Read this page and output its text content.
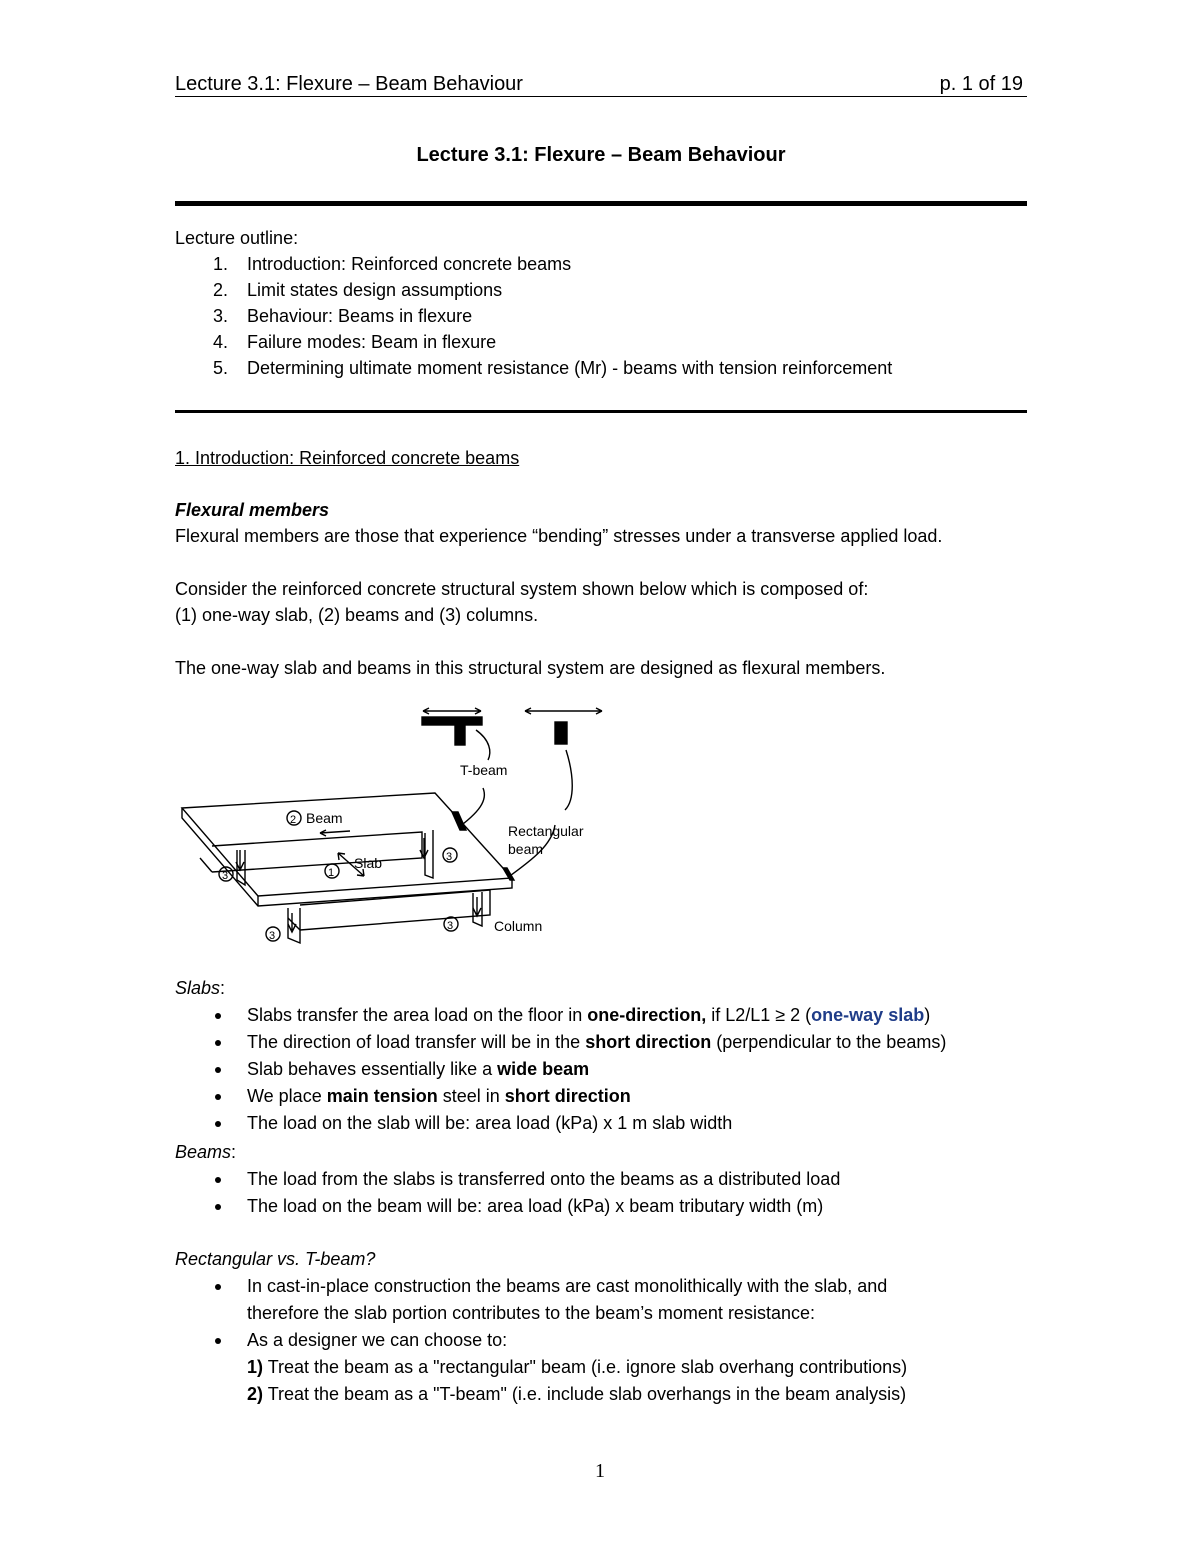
Lecture 3.1: Flexure – Beam Behaviour	p. 1 of 19
Lecture 3.1: Flexure – Beam Behaviour
Lecture outline:
1. Introduction: Reinforced concrete beams
2. Limit states design assumptions
3. Behaviour: Beams in flexure
4. Failure modes: Beam in flexure
5. Determining ultimate moment resistance (Mr) - beams with tension reinforcement
1. Introduction: Reinforced concrete beams
Flexural members
Flexural members are those that experience “bending” stresses under a transverse applied load.
Consider the reinforced concrete structural system shown below which is composed of:
(1) one-way slab, (2) beams and (3) columns.
The one-way slab and beams in this structural system are designed as flexural members.
T-beam
Rectangular
beam
Beam
Slab
Column
2
1
3
3
3
3
Slabs:
Slabs transfer the area load on the floor in one-direction, if L2/L1 ≥ 2 (one-way slab)
The direction of load transfer will be in the short direction (perpendicular to the beams)
Slab behaves essentially like a wide beam
We place main tension steel in short direction
The load on the slab will be: area load (kPa) x 1 m slab width
Beams:
The load from the slabs is transferred onto the beams as a distributed load
The load on the beam will be: area load (kPa) x beam tributary width (m)
Rectangular vs. T-beam?
In cast-in-place construction the beams are cast monolithically with the slab, and
therefore the slab portion contributes to the beam’s moment resistance:
As a designer we can choose to:
1) Treat the beam as a "rectangular" beam (i.e. ignore slab overhang contributions)
2) Treat the beam as a "T-beam" (i.e. include slab overhangs in the beam analysis)
1
